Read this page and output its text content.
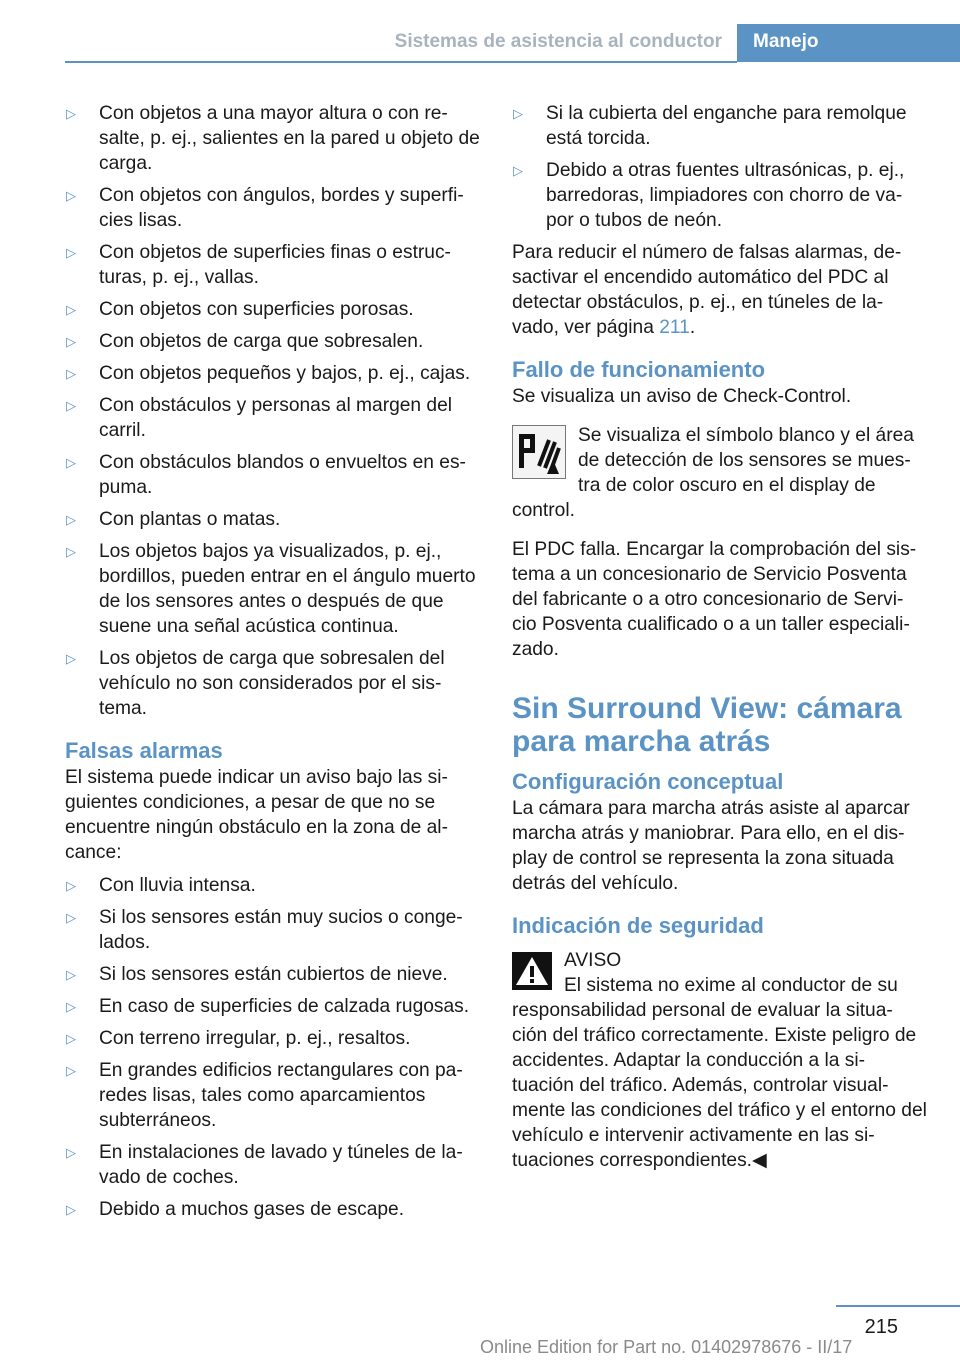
Sistemas de asistencia al conductor	Manejo
▷ Con objetos a una mayor altura o con re- salte, p. ej., salientes en la pared u objeto de carga.
▷ Con objetos con ángulos, bordes y superfi- cies lisas.
▷ Con objetos de superficies finas o estruc- turas, p. ej., vallas.
▷ Con objetos con superficies porosas.
▷ Con objetos de carga que sobresalen.
▷ Con objetos pequeños y bajos, p. ej., cajas.
▷ Con obstáculos y personas al margen del carril.
▷ Con obstáculos blandos o envueltos en es- puma.
▷ Con plantas o matas.
▷ Los objetos bajos ya visualizados, p. ej., bordillos, pueden entrar en el ángulo muerto de los sensores antes o después de que suene una señal acústica continua.
▷ Los objetos de carga que sobresalen del vehículo no son considerados por el sis- tema.
Falsas alarmas

El sistema puede indicar un aviso bajo las si- guientes condiciones, a pesar de que no se encuentre ningún obstáculo en la zona de al- cance:

▷ Con lluvia intensa.
▷ Si los sensores están muy sucios o conge- lados.
▷ Si los sensores están cubiertos de nieve.
▷ En caso de superficies de calzada rugosas.
▷ Con terreno irregular, p. ej., resaltos.
▷ En grandes edificios rectangulares con pa- redes lisas, tales como aparcamientos subterráneos.
▷ En instalaciones de lavado y túneles de la- vado de coches.
▷ Debido a muchos gases de escape.
▷ Si la cubierta del enganche para remolque está torcida.
▷ Debido a otras fuentes ultrasónicas, p. ej., barredoras, limpiadores con chorro de va- por o tubos de neón.

Para reducir el número de falsas alarmas, de- sactivar el encendido automático del PDC al detectar obstáculos, p. ej., en túneles de la- vado, ver página 211.

Fallo de funcionamiento

Se visualiza un aviso de Check-Control.

Se visualiza el símbolo blanco y el área de detección de los sensores se mues- tra de color oscuro en el display de control.

El PDC falla. Encargar la comprobación del sis- tema a un concesionario de Servicio Posventa del fabricante o a otro concesionario de Servi- cio Posventa cualificado o a un taller especiali- zado.

Sin Surround View: cámara para marcha atrás
Configuración conceptual

La cámara para marcha atrás asiste al aparcar marcha atrás y maniobrar. Para ello, en el dis- play de control se representa la zona situada detrás del vehículo.

Indicación de seguridad

AVISO
El sistema no exime al conductor de su responsabilidad personal de evaluar la situa- ción del tráfico correctamente. Existe peligro de accidentes. Adaptar la conducción a la si- tuación del tráfico. Además, controlar visual- mente las condiciones del tráfico y el entorno del vehículo e intervenir activamente en las si- tuaciones correspondientes.◀

215
Online Edition for Part no. 01402978676 - II/17
